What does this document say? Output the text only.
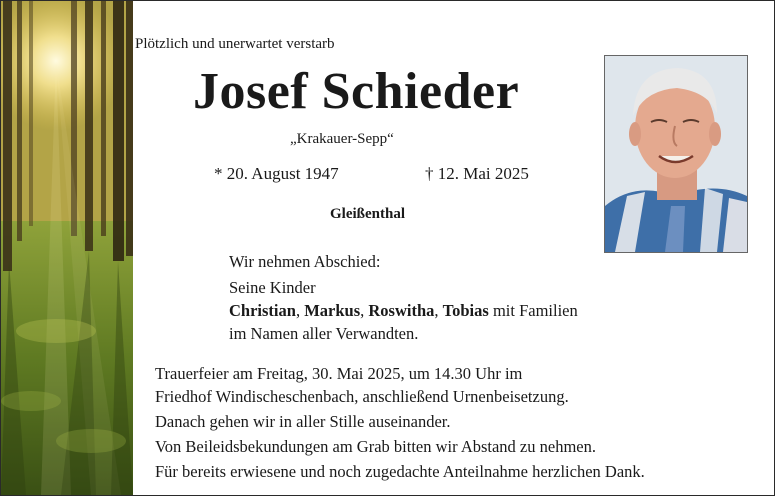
Plötzlich und unerwartet verstarb
Josef Schieder
„Krakauer-Sepp“
* 20. August 1947	† 12. Mai 2025
Gleißenthal
Wir nehmen Abschied:
Seine Kinder
Christian, Markus, Roswitha, Tobias mit Familien
im Namen aller Verwandten.
Trauerfeier am Freitag, 30. Mai 2025, um 14.30 Uhr im
Friedhof Windischeschenbach, anschließend Urnenbeisetzung.
Danach gehen wir in aller Stille auseinander.
Von Beileidsbekundungen am Grab bitten wir Abstand zu nehmen.
Für bereits erwiesene und noch zugedachte Anteilnahme herzlichen Dank.
